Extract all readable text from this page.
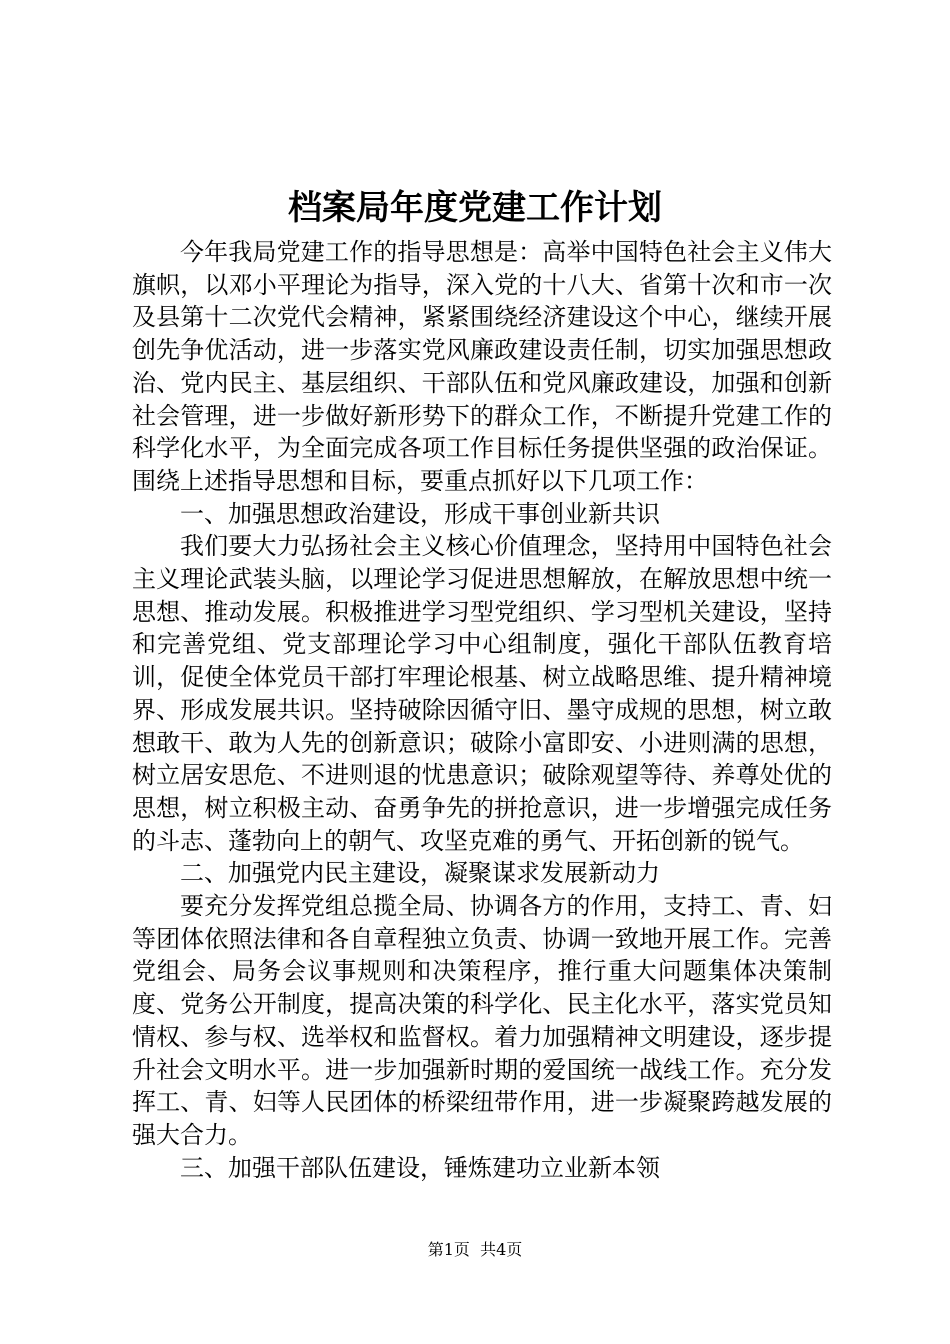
档案局年度党建工作计划

今年我局党建工作的指导思想是：高举中国特色社会主义伟大旗帜，以邓小平理论为指导，深入党的十八大、省第十次和市一次及县第十二次党代会精神，紧紧围绕经济建设这个中心，继续开展创先争优活动，进一步落实党风廉政建设责任制，切实加强思想政治、党内民主、基层组织、干部队伍和党风廉政建设，加强和创新社会管理，进一步做好新形势下的群众工作，不断提升党建工作的科学化水平，为全面完成各项工作目标任务提供坚强的政治保证。围绕上述指导思想和目标，要重点抓好以下几项工作：

一、加强思想政治建设，形成干事创业新共识

我们要大力弘扬社会主义核心价值理念，坚持用中国特色社会主义理论武装头脑，以理论学习促进思想解放，在解放思想中统一思想、推动发展。积极推进学习型党组织、学习型机关建设，坚持和完善党组、党支部理论学习中心组制度，强化干部队伍教育培训，促使全体党员干部打牢理论根基、树立战略思维、提升精神境界、形成发展共识。坚持破除因循守旧、墨守成规的思想，树立敢想敢干、敢为人先的创新意识；破除小富即安、小进则满的思想，树立居安思危、不进则退的忧患意识；破除观望等待、养尊处优的思想，树立积极主动、奋勇争先的拼抢意识，进一步增强完成任务的斗志、蓬勃向上的朝气、攻坚克难的勇气、开拓创新的锐气。

二、加强党内民主建设，凝聚谋求发展新动力

要充分发挥党组总揽全局、协调各方的作用，支持工、青、妇等团体依照法律和各自章程独立负责、协调一致地开展工作。完善党组会、局务会议事规则和决策程序，推行重大问题集体决策制度、党务公开制度，提高决策的科学化、民主化水平，落实党员知情权、参与权、选举权和监督权。着力加强精神文明建设，逐步提升社会文明水平。进一步加强新时期的爱国统一战线工作。充分发挥工、青、妇等人民团体的桥梁纽带作用，进一步凝聚跨越发展的强大合力。

三、加强干部队伍建设，锤炼建功立业新本领

第1页  共4页
